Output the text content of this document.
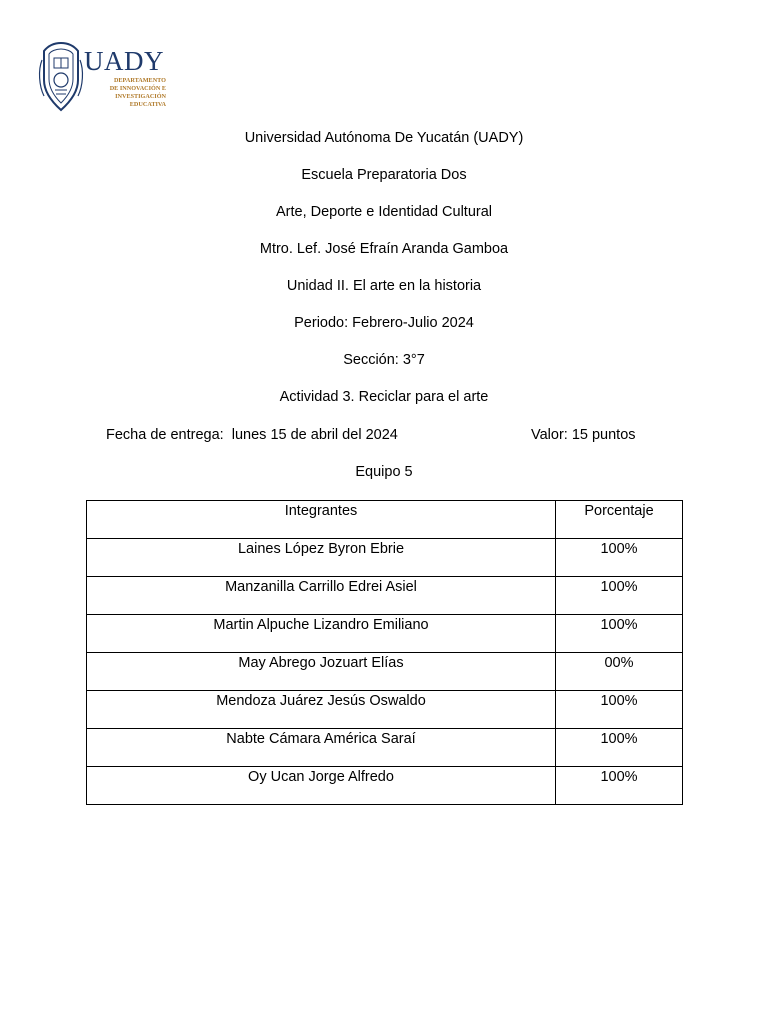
UADY
DEPARTAMENTO
DE INNOVACIÓN E
INVESTIGACIÓN
EDUCATIVA
Universidad Autónoma De Yucatán (UADY)
Escuela Preparatoria Dos
Arte, Deporte e Identidad Cultural
Mtro. Lef. José Efraín Aranda Gamboa
Unidad II. El arte en la historia
Periodo: Febrero-Julio 2024
Sección: 3°7
Actividad 3. Reciclar para el arte
Fecha de entrega:  lunes 15 de abril del 2024	Valor: 15 puntos
Equipo 5
Integrantes	Porcentaje
Laines López Byron Ebrie	100%
Manzanilla Carrillo Edrei Asiel	100%
Martin Alpuche Lizandro Emiliano	100%
May Abrego Jozuart Elías	00%
Mendoza Juárez Jesús Oswaldo	100%
Nabte Cámara América Saraí	100%
Oy Ucan Jorge Alfredo	100%
